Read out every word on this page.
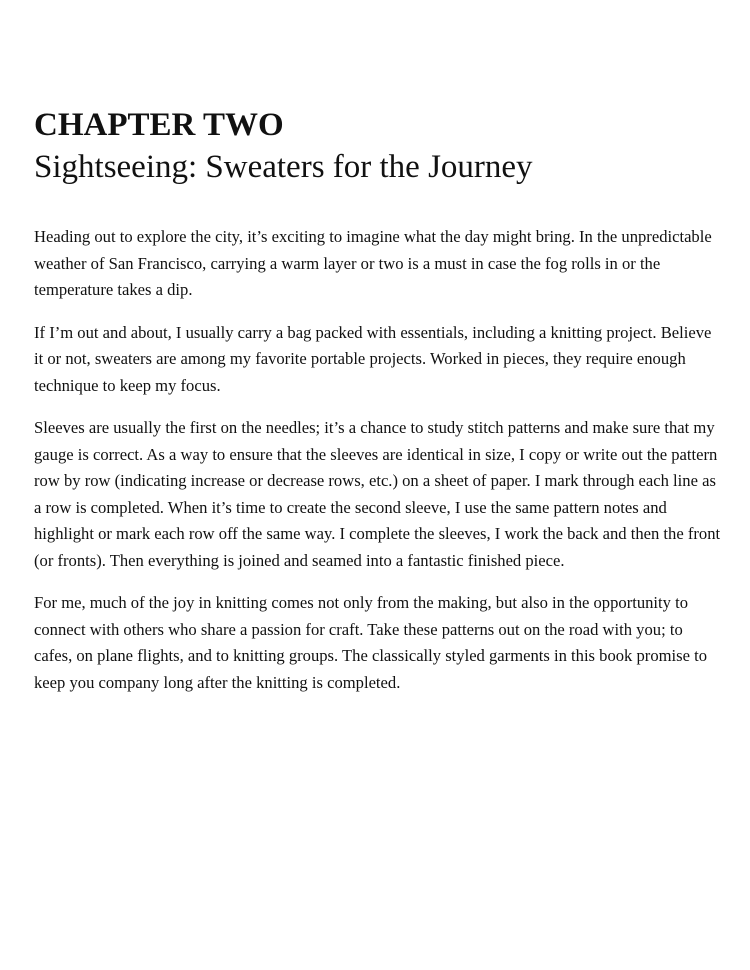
CHAPTER TWO
Sightseeing: Sweaters for the Journey

Heading out to explore the city, it’s exciting to imagine what the day might bring. In the unpredictable weather of San Francisco, carrying a warm layer or two is a must in case the fog rolls in or the temperature takes a dip.

If I’m out and about, I usually carry a bag packed with essentials, including a knitting project. Believe it or not, sweaters are among my favorite portable projects. Worked in pieces, they require enough technique to keep my focus.

Sleeves are usually the first on the needles; it’s a chance to study stitch patterns and make sure that my gauge is correct. As a way to ensure that the sleeves are identical in size, I copy or write out the pattern row by row (indicating increase or decrease rows, etc.) on a sheet of paper. I mark through each line as a row is completed. When it’s time to create the second sleeve, I use the same pattern notes and highlight or mark each row off the same way. I complete the sleeves, I work the back and then the front (or fronts). Then everything is joined and seamed into a fantastic finished piece.

For me, much of the joy in knitting comes not only from the making, but also in the opportunity to connect with others who share a passion for craft. Take these patterns out on the road with you; to cafes, on plane flights, and to knitting groups. The classically styled garments in this book promise to keep you company long after the knitting is completed.
